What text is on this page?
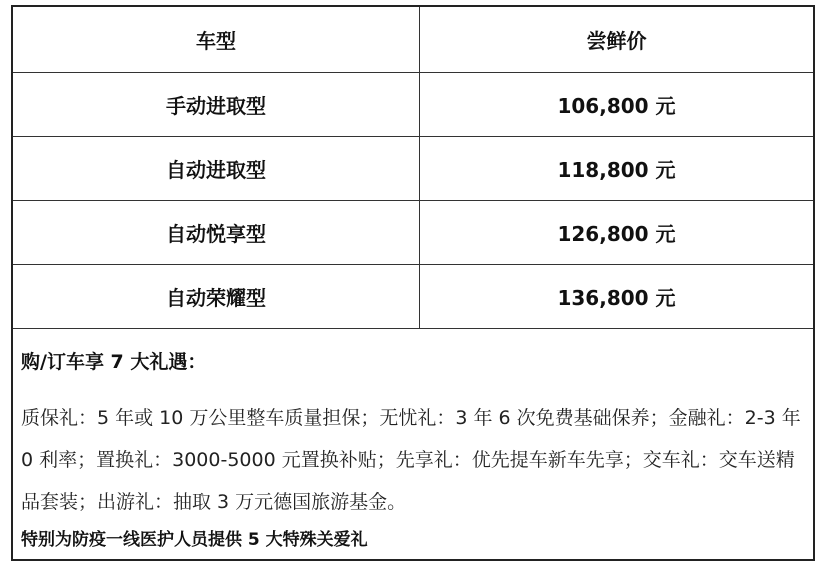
车型	尝鲜价
手动进取型	106,800 元
自动进取型	118,800 元
自动悦享型	126,800 元
自动荣耀型	136,800 元
购/订车享 7 大礼遇：
质保礼：5 年或 10 万公里整车质量担保；无忧礼：3 年 6 次免费基础保养；金融礼：2-3 年 0 利率；置换礼：3000-5000 元置换补贴；先享礼：优先提车新车先享；交车礼：交车送精品套装；出游礼：抽取 3 万元德国旅游基金。
特别为防疫一线医护人员提供 5 大特殊关爱礼
